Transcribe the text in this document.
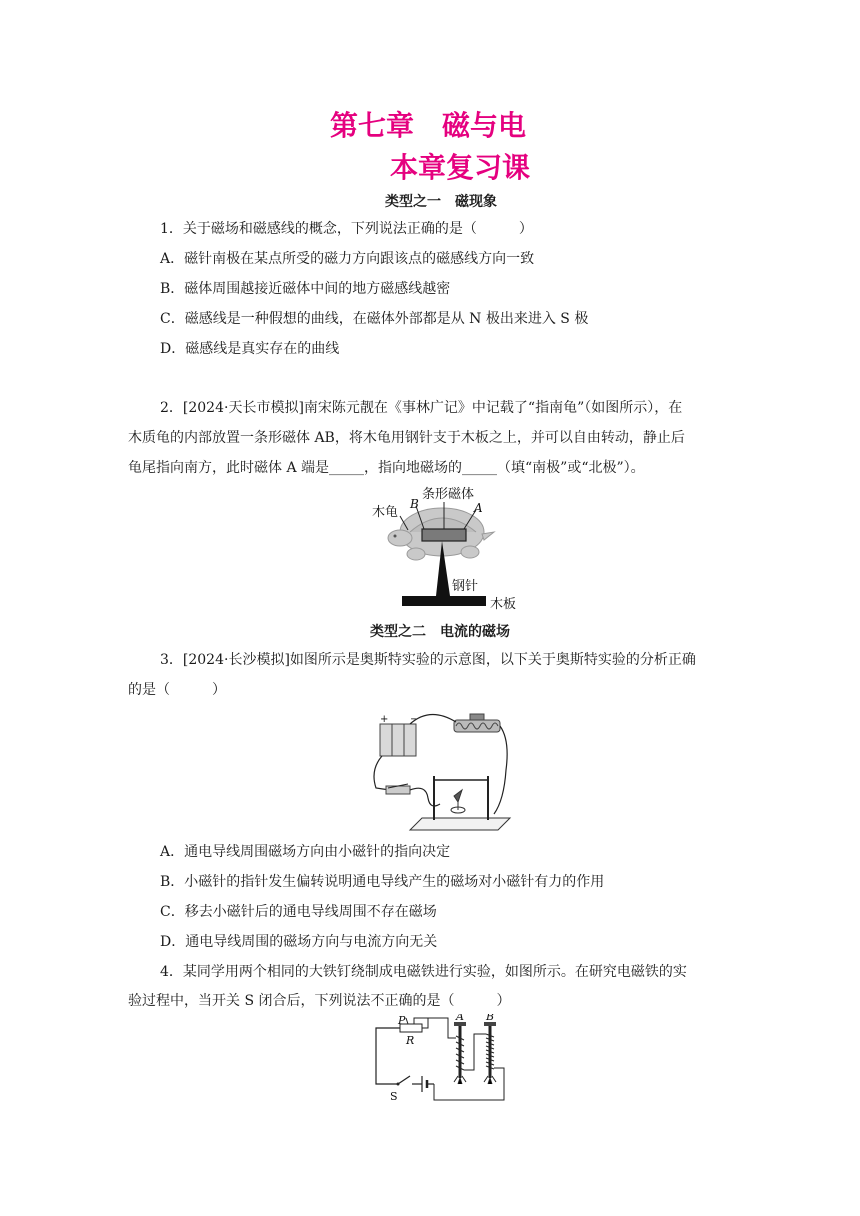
第七章　磁与电
本章复习课
类型之一　磁现象
1．关于磁场和磁感线的概念，下列说法正确的是（　　　）
A．磁针南极在某点所受的磁力方向跟该点的磁感线方向一致
B．磁体周围越接近磁体中间的地方磁感线越密
C．磁感线是一种假想的曲线，在磁体外部都是从 N 极出来进入 S 极
D．磁感线是真实存在的曲线
2．[2024·天长市模拟]南宋陈元靓在《事林广记》中记载了“指南龟”（如图所示），在
木质龟的内部放置一条形磁体 AB，将木龟用钢针支于木板之上，并可以自由转动，静止后
龟尾指向南方，此时磁体 A 端是_____，指向地磁场的_____（填“南极”或“北极”）。
木龟
条形磁体
B	A
钢针
木板
类型之二　电流的磁场
3．[2024·长沙模拟]如图所示是奥斯特实验的示意图，以下关于奥斯特实验的分析正确
的是（　　　）
+ −
A．通电导线周围磁场方向由小磁针的指向决定
B．小磁针的指针发生偏转说明通电导线产生的磁场对小磁针有力的作用
C．移去小磁针后的通电导线周围不存在磁场
D．通电导线周围的磁场方向与电流方向无关
4．某同学用两个相同的大铁钉绕制成电磁铁进行实验，如图所示。在研究电磁铁的实
验过程中，当开关 S 闭合后，下列说法不正确的是（　　　）
P
R
S
A B
